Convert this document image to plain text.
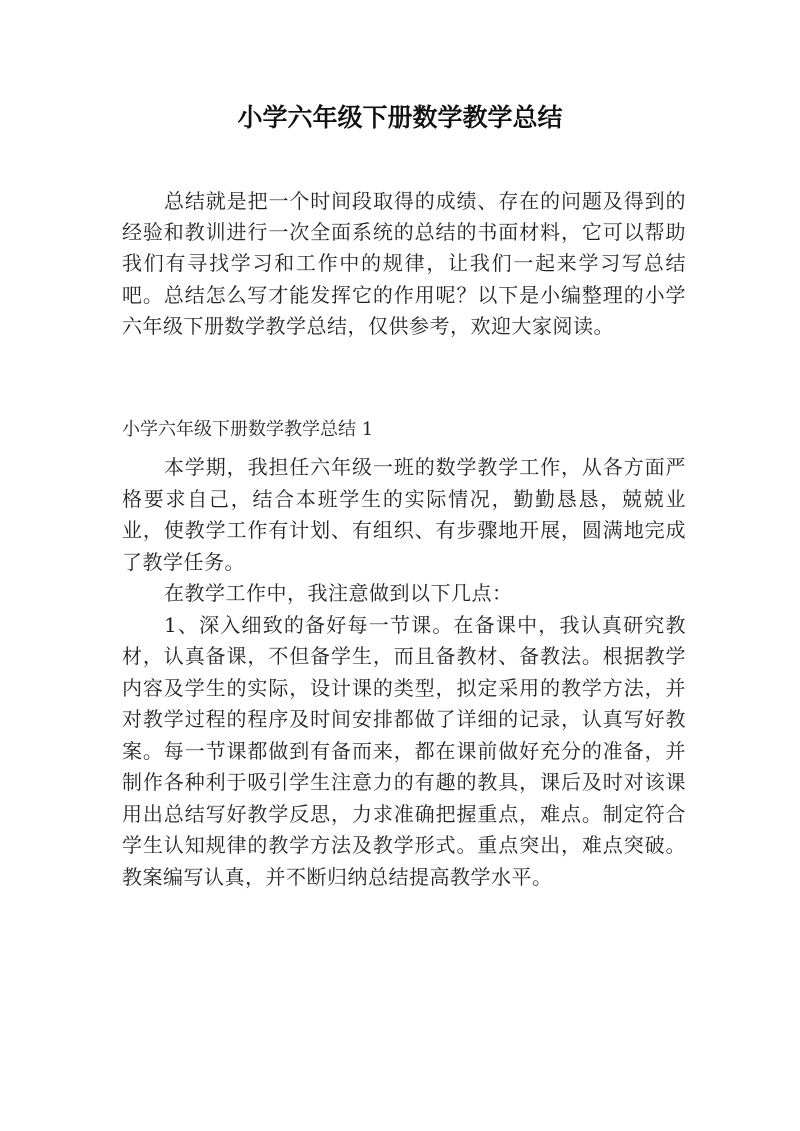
小学六年级下册数学教学总结

总结就是把一个时间段取得的成绩、存在的问题及得到的经验和教训进行一次全面系统的总结的书面材料，它可以帮助我们有寻找学习和工作中的规律，让我们一起来学习写总结吧。总结怎么写才能发挥它的作用呢？以下是小编整理的小学六年级下册数学教学总结，仅供参考，欢迎大家阅读。

小学六年级下册数学教学总结 1

本学期，我担任六年级一班的数学教学工作，从各方面严格要求自己，结合本班学生的实际情况，勤勤恳恳，兢兢业业，使教学工作有计划、有组织、有步骤地开展，圆满地完成了教学任务。

在教学工作中，我注意做到以下几点：

1、深入细致的备好每一节课。在备课中，我认真研究教材，认真备课，不但备学生，而且备教材、备教法。根据教学内容及学生的实际，设计课的类型，拟定采用的教学方法，并对教学过程的程序及时间安排都做了详细的记录，认真写好教案。每一节课都做到有备而来，都在课前做好充分的准备，并制作各种利于吸引学生注意力的有趣的教具，课后及时对该课用出总结写好教学反思，力求准确把握重点，难点。制定符合学生认知规律的教学方法及教学形式。重点突出，难点突破。教案编写认真，并不断归纳总结提高教学水平。
